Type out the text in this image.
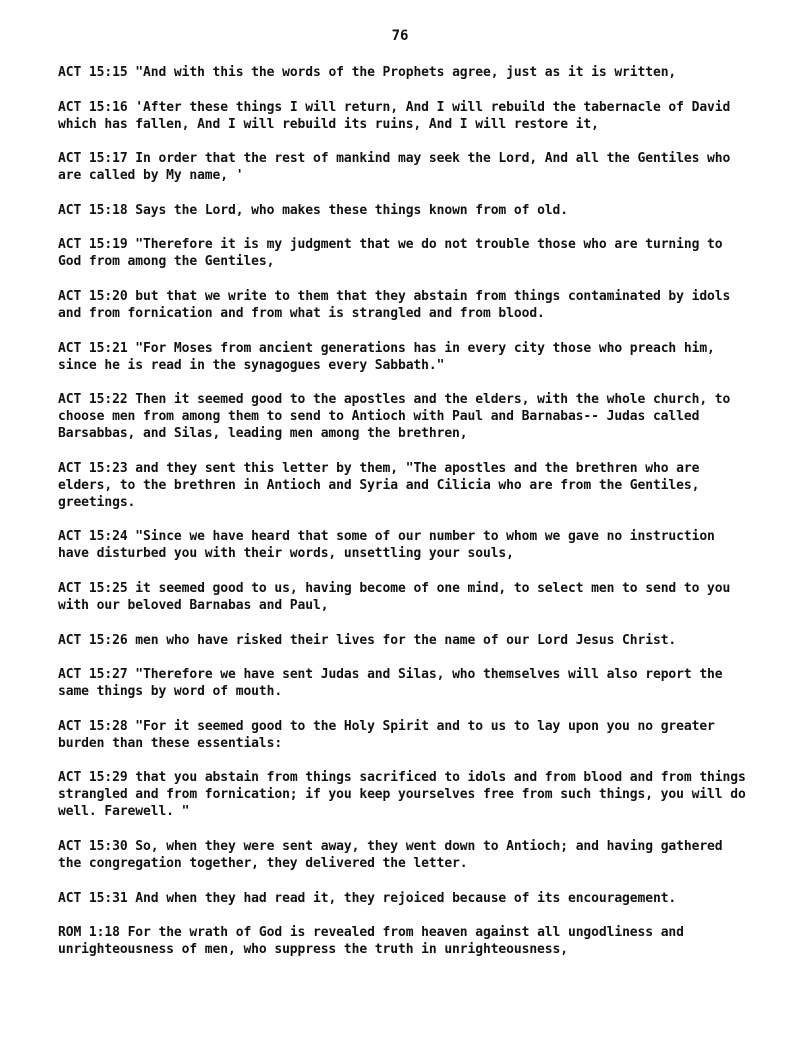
76

ACT 15:15 "And with this the words of the Prophets agree, just as it is written,

ACT 15:16 'After these things I will return, And I will rebuild the tabernacle of David which has fallen, And I will rebuild its ruins, And I will restore it,

ACT 15:17 In order that the rest of mankind may seek the Lord, And all the Gentiles who are called by My name, '

ACT 15:18 Says the Lord, who makes these things known from of old.

ACT 15:19 "Therefore it is my judgment that we do not trouble those who are turning to God from among the Gentiles,

ACT 15:20 but that we write to them that they abstain from things contaminated by idols and from fornication and from what is strangled and from blood.

ACT 15:21 "For Moses from ancient generations has in every city those who preach him, since he is read in the synagogues every Sabbath."

ACT 15:22 Then it seemed good to the apostles and the elders, with the whole church, to choose men from among them to send to Antioch with Paul and Barnabas-- Judas called Barsabbas, and Silas, leading men among the brethren,

ACT 15:23 and they sent this letter by them, "The apostles and the brethren who are elders, to the brethren in Antioch and Syria and Cilicia who are from the Gentiles, greetings.

ACT 15:24 "Since we have heard that some of our number to whom we gave no instruction have disturbed you with their words, unsettling your souls,

ACT 15:25 it seemed good to us, having become of one mind, to select men to send to you with our beloved Barnabas and Paul,

ACT 15:26 men who have risked their lives for the name of our Lord Jesus Christ.

ACT 15:27 "Therefore we have sent Judas and Silas, who themselves will also report the same things by word of mouth.

ACT 15:28 "For it seemed good to the Holy Spirit and to us to lay upon you no greater burden than these essentials:

ACT 15:29 that you abstain from things sacrificed to idols and from blood and from things strangled and from fornication; if you keep yourselves free from such things, you will do well. Farewell. "

ACT 15:30 So, when they were sent away, they went down to Antioch; and having gathered the congregation together, they delivered the letter.

ACT 15:31 And when they had read it, they rejoiced because of its encouragement.

ROM 1:18 For the wrath of God is revealed from heaven against all ungodliness and unrighteousness of men, who suppress the truth in unrighteousness,
